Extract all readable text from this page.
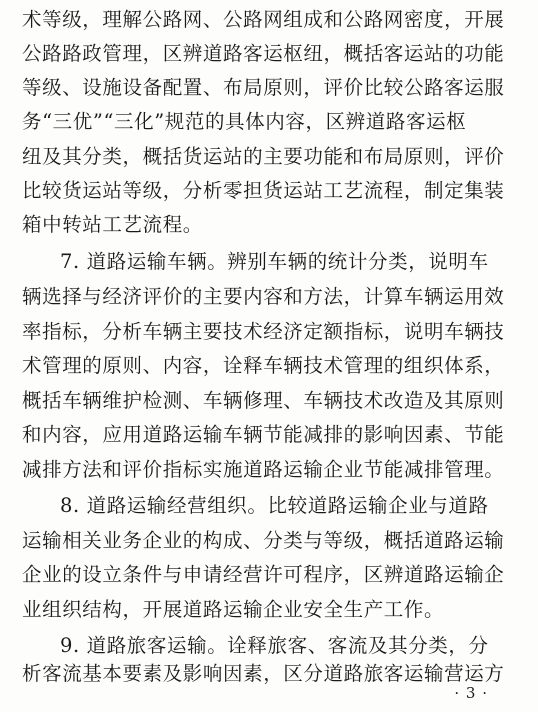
术等级，理解公路网、公路网组成和公路网密度，开展
公路路政管理，区辨道路客运枢纽，概括客运站的功能
等级、设施设备配置、布局原则，评价比较公路客运服
务“三优”“三化”规范的具体内容，区辨道路客运枢
纽及其分类，概括货运站的主要功能和布局原则，评价
比较货运站等级，分析零担货运站工艺流程，制定集装
箱中转站工艺流程。
7. 道路运输车辆。辨别车辆的统计分类，说明车
辆选择与经济评价的主要内容和方法，计算车辆运用效
率指标，分析车辆主要技术经济定额指标，说明车辆技
术管理的原则、内容，诠释车辆技术管理的组织体系，
概括车辆维护检测、车辆修理、车辆技术改造及其原则
和内容，应用道路运输车辆节能减排的影响因素、节能
减排方法和评价指标实施道路运输企业节能减排管理。
8. 道路运输经营组织。比较道路运输企业与道路
运输相关业务企业的构成、分类与等级，概括道路运输
企业的设立条件与申请经营许可程序，区辨道路运输企
业组织结构，开展道路运输企业安全生产工作。
9. 道路旅客运输。诠释旅客、客流及其分类，分
析客流基本要素及影响因素，区分道路旅客运输营运方
· 3 ·
